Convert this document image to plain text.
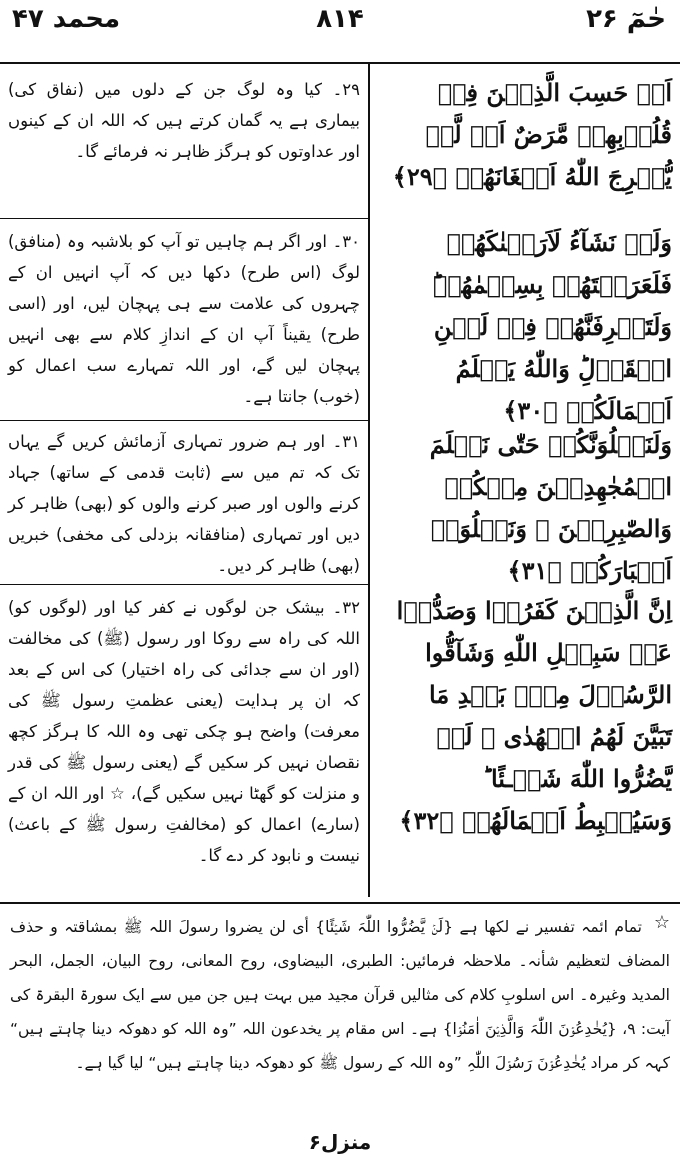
حٰمٓ ۲۶
۸۱۴
محمد ۴۷
اَمۡ حَسِبَ الَّذِيۡنَ فِىۡ قُلُوۡبِهِمۡ مَّرَضٌ اَنۡ لَّنۡ يُّخۡرِجَ اللّٰهُ اَضۡغَانَهُمۡ ﴿۲۹﴾
۲۹۔ کیا وہ لوگ جن کے دلوں میں (نفاق کی) بیماری ہے یہ گمان کرتے ہیں کہ اللہ ان کے کینوں اور عداوتوں کو ہرگز ظاہر نہ فرمائے گا۔
وَلَوۡ نَشَآءُ لَاَرَيۡنٰكَهُمۡ فَلَعَرَفۡتَهُمۡ بِسِيۡمٰهُمۡ‌ؕ وَلَتَعۡرِفَنَّهُمۡ فِىۡ لَحۡنِ الۡقَوۡلِ‌ؕ وَاللّٰهُ يَعۡلَمُ اَعۡمَالَكُمۡ ﴿۳۰﴾
۳۰۔ اور اگر ہم چاہیں تو آپ کو بلاشبہ وہ (منافق) لوگ (اس طرح) دکھا دیں کہ آپ انہیں ان کے چہروں کی علامت سے ہی پہچان لیں، اور (اسی طرح) یقیناً آپ ان کے اندازِ کلام سے بھی انہیں پہچان لیں گے، اور اللہ تمہارے سب اعمال کو (خوب) جانتا ہے۔
وَلَنَبۡلُوَنَّكُمۡ حَتّٰى نَعۡلَمَ الۡمُجٰهِدِيۡنَ مِنۡكُمۡ وَالصّٰبِرِيۡنَ ۙ وَنَبۡلُوَا۟ اَخۡبَارَكُمۡ ﴿۳۱﴾
۳۱۔ اور ہم ضرور تمہاری آزمائش کریں گے یہاں تک کہ تم میں سے (ثابت قدمی کے ساتھ) جہاد کرنے والوں اور صبر کرنے والوں کو (بھی) ظاہر کر دیں اور تمہاری (منافقانہ بزدلی کی مخفی) خبریں (بھی) ظاہر کر دیں۔
اِنَّ الَّذِيۡنَ كَفَرُوۡا وَصَدُّوۡا عَنۡ سَبِيۡلِ اللّٰهِ وَشَآقُّوا الرَّسُوۡلَ مِنۡۢ بَعۡدِ مَا تَبَيَّنَ لَهُمُ الۡهُدٰى ۙ لَنۡ يَّضُرُّوا اللّٰهَ شَيۡـئًا ‌ؕ وَسَيُحۡبِطُ اَعۡمَالَهُمۡ ﴿۳۲﴾
۳۲۔ بیشک جن لوگوں نے کفر کیا اور (لوگوں کو) اللہ کی راہ سے روکا اور رسول (ﷺ) کی مخالفت (اور ان سے جدائی کی راہ اختیار) کی اس کے بعد کہ ان پر ہدایت (یعنی عظمتِ رسول ﷺ کی معرفت) واضح ہو چکی تھی وہ اللہ کا ہرگز کچھ نقصان نہیں کر سکیں گے (یعنی رسول ﷺ کی قدر و منزلت کو گھٹا نہیں سکیں گے)، ☆ اور اللہ ان کے (سارے) اعمال کو (مخالفتِ رسول ﷺ کے باعث) نیست و نابود کر دے گا۔
☆
تمام ائمہ تفسیر نے لکھا ہے {لَنۡ یَّضُرُّوا اللّٰہَ شَیۡئًا} أی لن یضروا رسولَ اللہ ﷺ بمشاقتہ و حذف المضاف لتعظیم شأنہ۔ ملاحظہ فرمائیں: الطبری، البیضاوی، روح المعانی، روح البیان، الجمل، البحر المدید وغیرہ۔ اس اسلوبِ کلام کی مثالیں قرآن مجید میں بہت ہیں جن میں سے ایک سورۃ البقرۃ کی آیت: ۹، {یُخٰدِعُوۡنَ اللّٰہَ وَالَّذِیۡنَ اٰمَنُوۡا} ہے۔ اس مقام پر یخدعون اللہ ”وہ اللہ کو دھوکہ دینا چاہتے ہیں“ کہہ کر مراد یُخٰدِعُوۡنَ رَسُوۡلَ اللّٰہِ ”وہ اللہ کے رسول ﷺ کو دھوکہ دینا چاہتے ہیں“ لیا گیا ہے۔
منزل۶
